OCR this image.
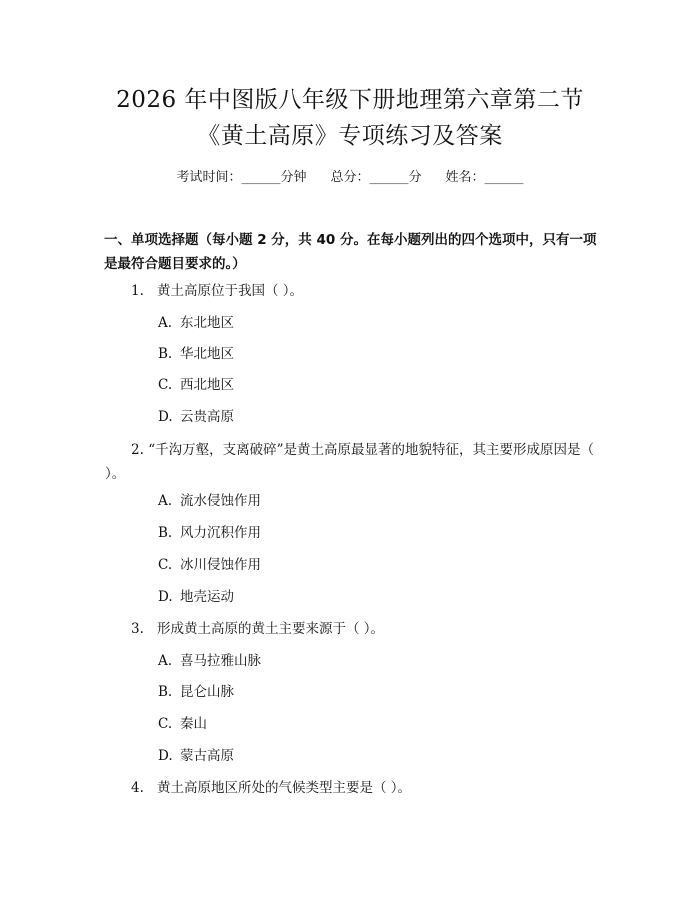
2026 年中图版八年级下册地理第六章第二节
《黄土高原》专项练习及答案
考试时间：______分钟 总分：______分 姓名：______
一、单项选择题（每小题 2 分，共 40 分。在每小题列出的四个选项中，只有一项是最符合题目要求的。）
1. 黄土高原位于我国（ ）。
A. 东北地区
B. 华北地区
C. 西北地区
D. 云贵高原
2. “千沟万壑，支离破碎”是黄土高原最显著的地貌特征，其主要形成原因是（ ）。
A. 流水侵蚀作用
B. 风力沉积作用
C. 冰川侵蚀作用
D. 地壳运动
3. 形成黄土高原的黄土主要来源于（ ）。
A. 喜马拉雅山脉
B. 昆仑山脉
C. 秦山
D. 蒙古高原
4. 黄土高原地区所处的气候类型主要是（ ）。
